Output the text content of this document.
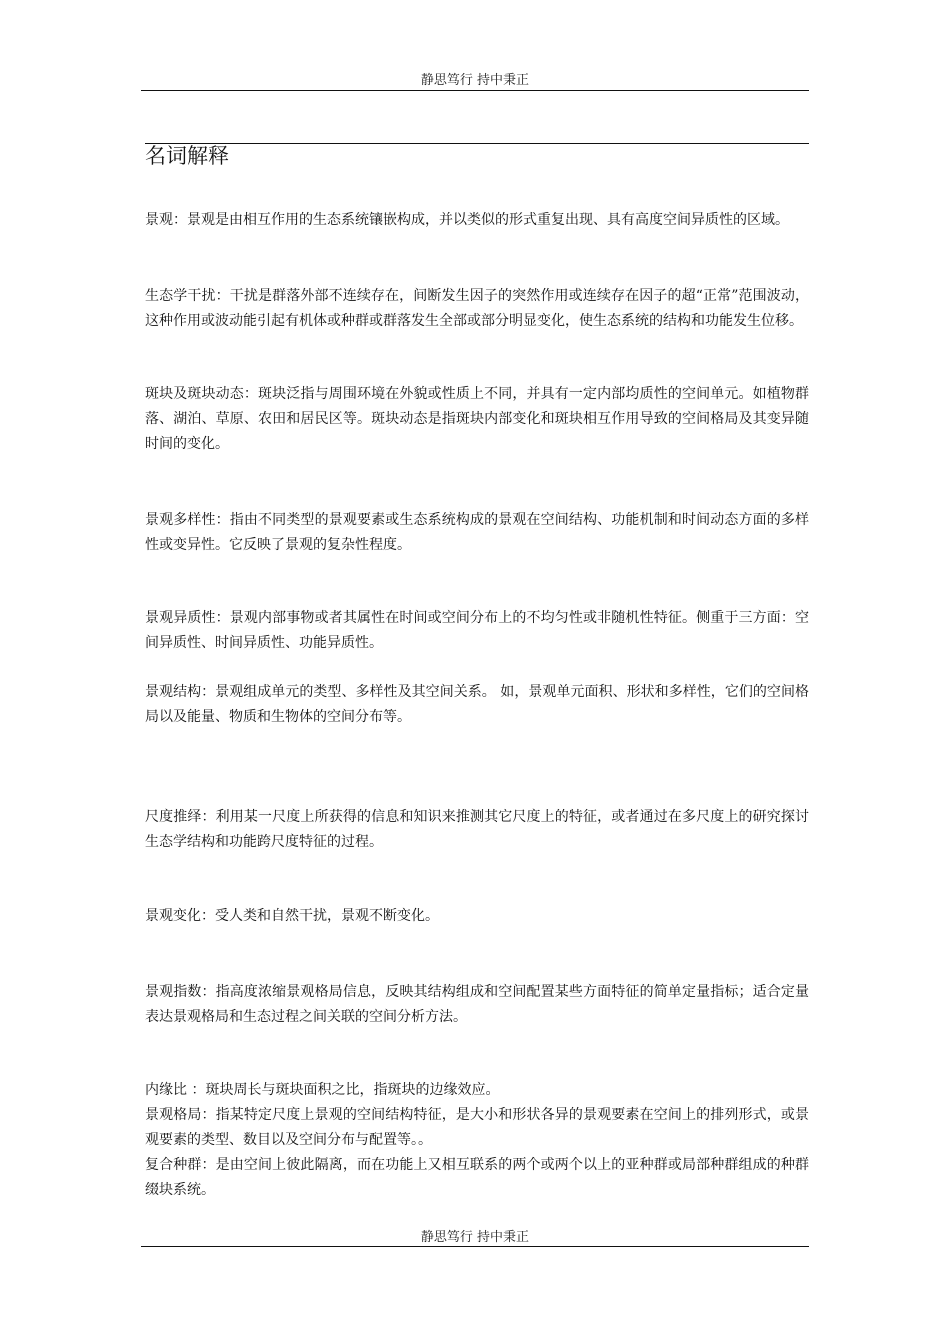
静思笃行 持中秉正
名词解释

景观：景观是由相互作用的生态系统镶嵌构成，并以类似的形式重复出现、具有高度空间异质性的区域。

生态学干扰：干扰是群落外部不连续存在，间断发生因子的突然作用或连续存在因子的超“正常”范围波动，这种作用或波动能引起有机体或种群或群落发生全部或部分明显变化，使生态系统的结构和功能发生位移。

斑块及斑块动态：斑块泛指与周围环境在外貌或性质上不同，并具有一定内部均质性的空间单元。如植物群落、湖泊、草原、农田和居民区等。斑块动态是指斑块内部变化和斑块相互作用导致的空间格局及其变异随时间的变化。

景观多样性：指由不同类型的景观要素或生态系统构成的景观在空间结构、功能机制和时间动态方面的多样性或变异性。它反映了景观的复杂性程度。

景观异质性：景观内部事物或者其属性在时间或空间分布上的不均匀性或非随机性特征。侧重于三方面：空间异质性、时间异质性、功能异质性。

景观结构：景观组成单元的类型、多样性及其空间关系。 如，景观单元面积、形状和多样性，它们的空间格局以及能量、物质和生物体的空间分布等。

尺度推绎：利用某一尺度上所获得的信息和知识来推测其它尺度上的特征，或者通过在多尺度上的研究探讨生态学结构和功能跨尺度特征的过程。

景观变化：受人类和自然干扰，景观不断变化。

景观指数：指高度浓缩景观格局信息，反映其结构组成和空间配置某些方面特征的简单定量指标；适合定量表达景观格局和生态过程之间关联的空间分析方法。

内缘比 ：斑块周长与斑块面积之比，指斑块的边缘效应。

景观格局：指某特定尺度上景观的空间结构特征，是大小和形状各异的景观要素在空间上的排列形式，或景观要素的类型、数目以及空间分布与配置等。。

复合种群：是由空间上彼此隔离，而在功能上又相互联系的两个或两个以上的亚种群或局部种群组成的种群缀块系统。

静思笃行 持中秉正
